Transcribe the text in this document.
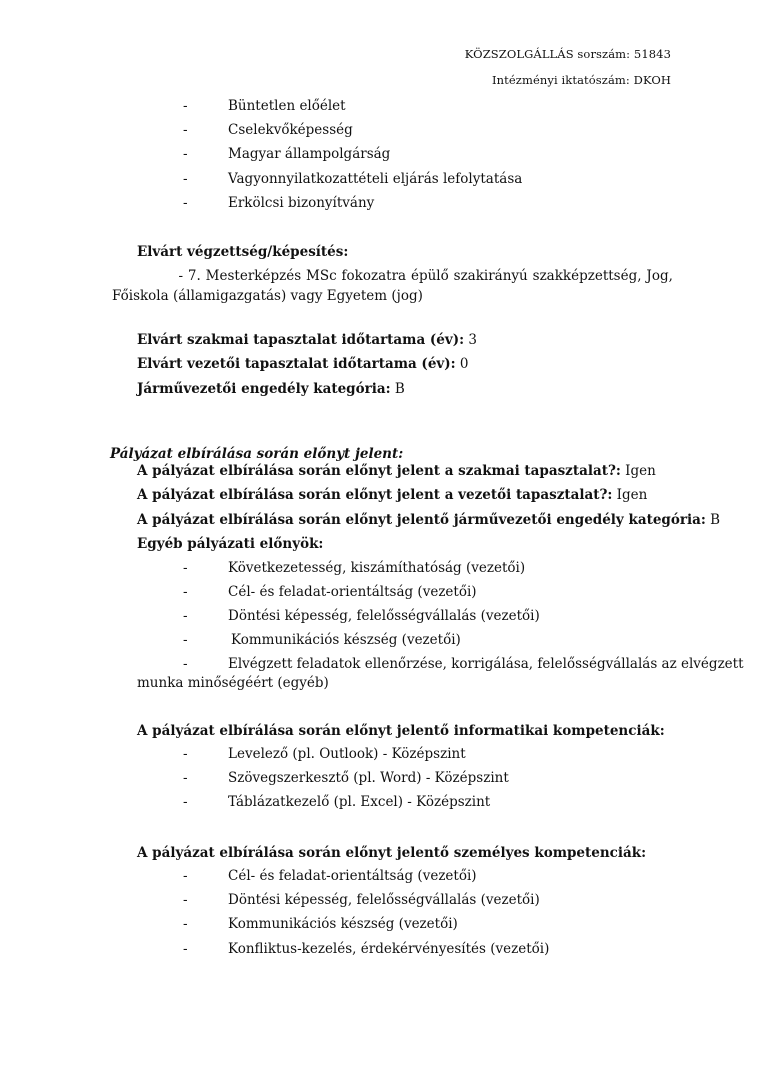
KÖZSZOLGÁLLÁS sorszám: 51843
Intézményi iktatószám: DKOH
-	Büntetlen előélet
-	Cselekvőképesség
-	Magyar állampolgárság
-	Vagyonnyilatkozattételi eljárás lefolytatása
-	Erkölcsi bizonyítvány
Elvárt végzettség/képesítés:
- 7. Mesterképzés MSc fokozatra épülő szakirányú szakképzettség, Jog,
Főiskola (államigazgatás) vagy Egyetem (jog)
Elvárt szakmai tapasztalat időtartama (év): 3
Elvárt vezetői tapasztalat időtartama (év): 0
Járművezetői engedély kategória: B
Pályázat elbírálása során előnyt jelent:
A pályázat elbírálása során előnyt jelent a szakmai tapasztalat?: Igen
A pályázat elbírálása során előnyt jelent a vezetői tapasztalat?: Igen
A pályázat elbírálása során előnyt jelentő járművezetői engedély kategória: B
Egyéb pályázati előnyök:
-	Következetesség, kiszámíthatóság (vezetői)
-	Cél- és feladat-orientáltság (vezetői)
-	Döntési képesség, felelősségvállalás (vezetői)
-	Kommunikációs készség (vezetői)
-	Elvégzett feladatok ellenőrzése, korrigálása, felelősségvállalás az elvégzett
munka minőségéért (egyéb)
A pályázat elbírálása során előnyt jelentő informatikai kompetenciák:
-	Levelező (pl. Outlook) - Középszint
-	Szövegszerkesztő (pl. Word) - Középszint
-	Táblázatkezelő (pl. Excel) - Középszint
A pályázat elbírálása során előnyt jelentő személyes kompetenciák:
-	Cél- és feladat-orientáltság (vezetői)
-	Döntési képesség, felelősségvállalás (vezetői)
-	Kommunikációs készség (vezetői)
-	Konfliktus-kezelés, érdekérvényesítés (vezetői)
